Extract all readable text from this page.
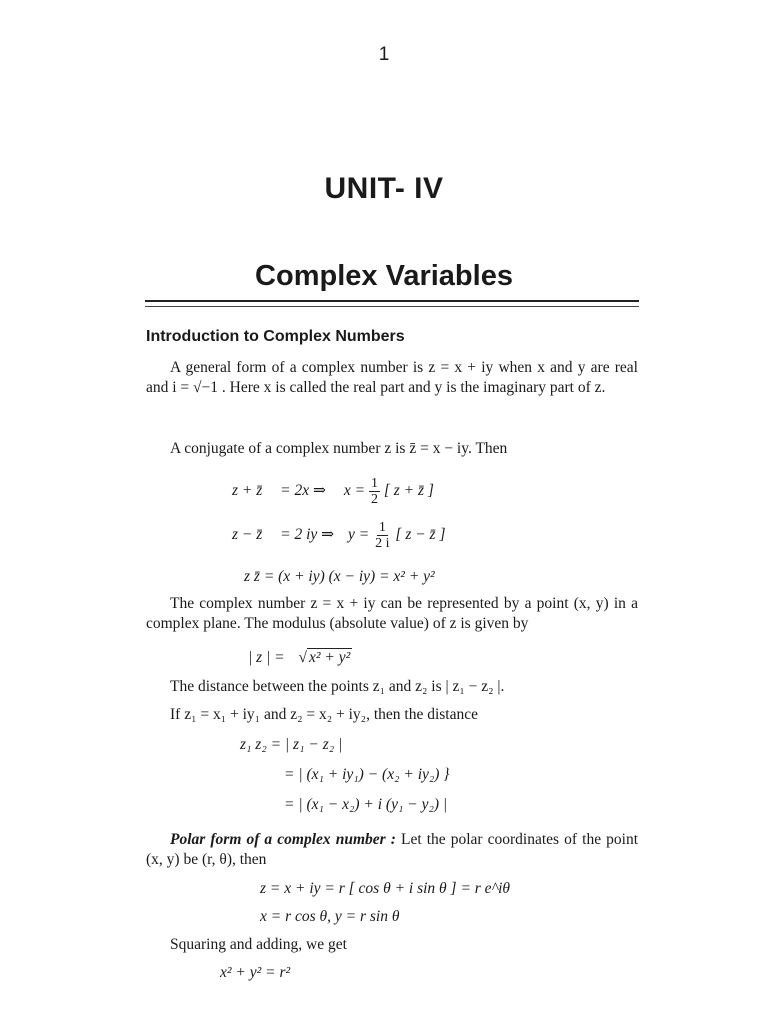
1
UNIT- IV
Complex Variables
Introduction to Complex Numbers
A general form of a complex number is z = x + iy when x and y are real and i = √−1 . Here x is called the real part and y is the imaginary part of z.
A conjugate of a complex number z is z̄ = x − iy. Then
z + z̄ = 2x ⇒ $x = \frac{1}{2}$ [ z + z̄ ]
z − z̄ = 2 iy ⇒ $y = \frac{1}{2 i}$ [ z − z̄ ]
z z̄ = (x + iy) (x − iy) = x² + y²
The complex number z = x + iy can be represented by a point (x, y) in a complex plane. The modulus (absolute value) of z is given by
| z | = √ x² + y²
The distance between the points z₁ and z₂ is | z₁ − z₂ |.
If z₁ = x₁ + iy₁ and z₂ = x₂ + iy₂, then the distance
z₁ z₂ = | z₁ − z₂ |
= | (x₁ + iy₁) − (x₂ + iy₂) }
= | (x₁ − x₂) + i (y₁ − y₂) |
Polar form of a complex number : Let the polar coordinates of the point (x, y) be (r, θ), then
z = x + iy = r [ cos θ + i sin θ ] = r e^iθ
x = r cos θ, y = r sin θ
Squaring and adding, we get
x² + y² = r²
